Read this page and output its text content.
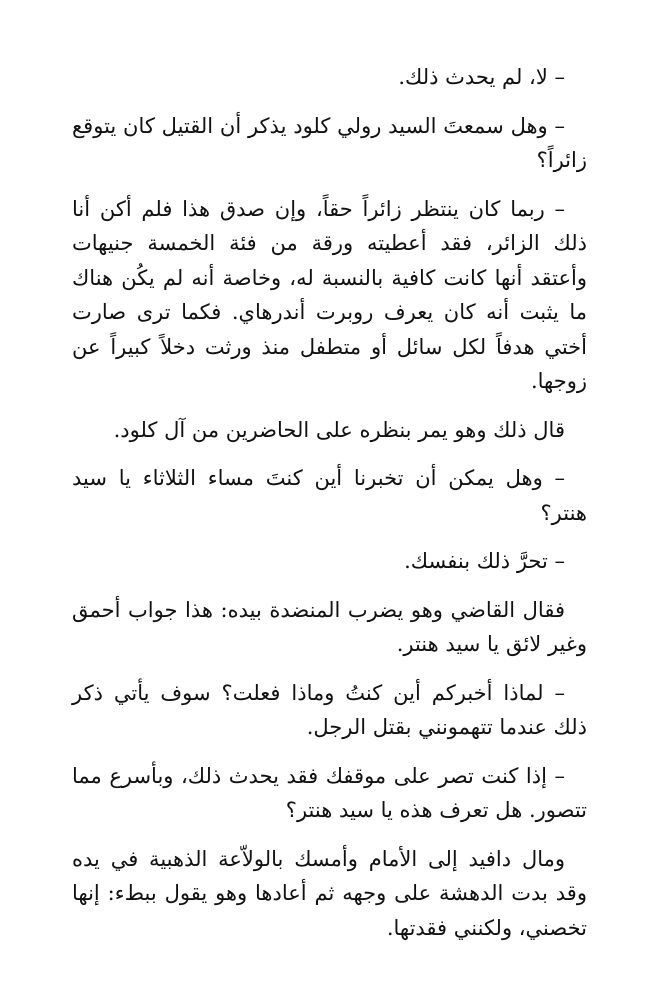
– لا، لم يحدث ذلك.

– وهل سمعتَ السيد رولي كلود يذكر أن القتيل كان يتوقع زائراً؟

– ربما كان ينتظر زائراً حقاً، وإن صدق هذا فلم أكن أنا ذلك الزائر، فقد أعطيته ورقة من فئة الخمسة جنيهات وأعتقد أنها كانت كافية بالنسبة له، وخاصة أنه لم يكُن هناك ما يثبت أنه كان يعرف روبرت أندرهاي. فكما ترى صارت أختي هدفاً لكل سائل أو متطفل منذ ورثت دخلاً كبيراً عن زوجها.

قال ذلك وهو يمر بنظره على الحاضرين من آل كلود.

– وهل يمكن أن تخبرنا أين كنتَ مساء الثلاثاء يا سيد هنتر؟

– تحرَّ ذلك بنفسك.

فقال القاضي وهو يضرب المنضدة بيده: هذا جواب أحمق وغير لائق يا سيد هنتر.

– لماذا أخبركم أين كنتُ وماذا فعلت؟ سوف يأتي ذكر ذلك عندما تتهمونني بقتل الرجل.

– إذا كنت تصر على موقفك فقد يحدث ذلك، وبأسرع مما تتصور. هل تعرف هذه يا سيد هنتر؟

ومال دافيد إلى الأمام وأمسك بالولاّعة الذهبية في يده وقد بدت الدهشة على وجهه ثم أعادها وهو يقول ببطء: إنها تخصني، ولكنني فقدتها.
